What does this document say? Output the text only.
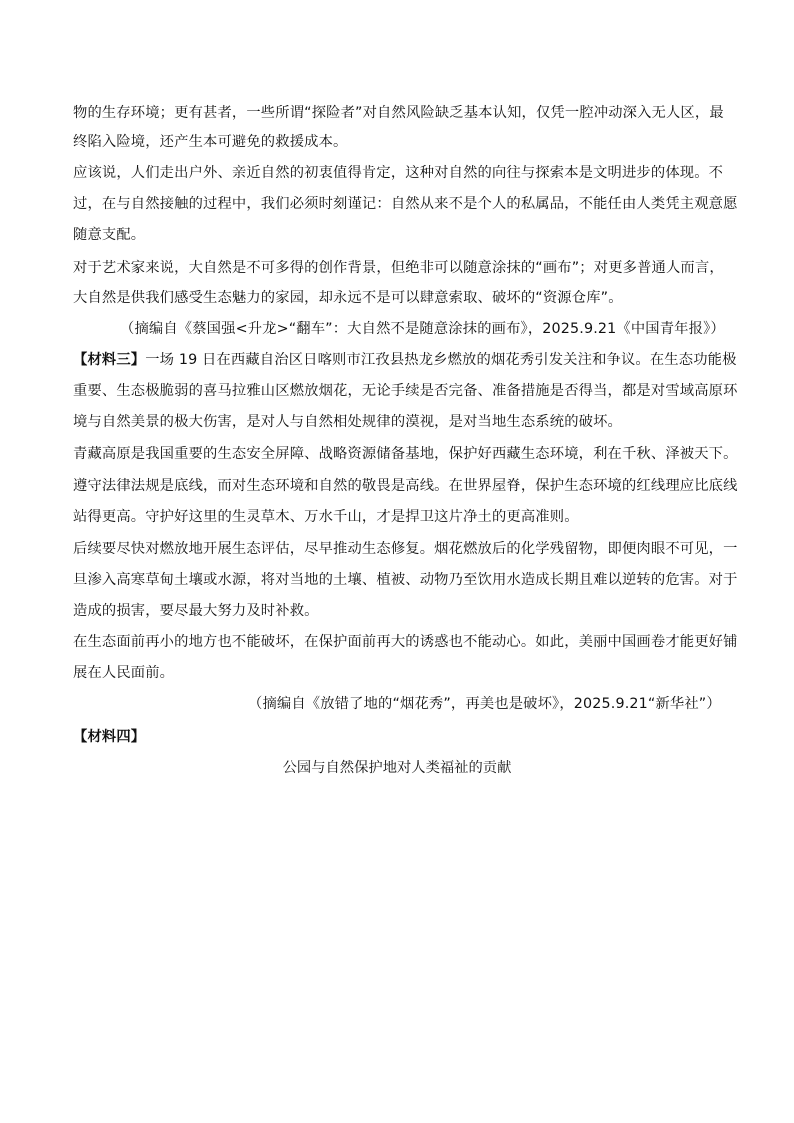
物的生存环境；更有甚者，一些所谓“探险者”对自然风险缺乏基本认知，仅凭一腔冲动深入无人区，最
终陷入险境，还产生本可避免的救援成本。
应该说，人们走出户外、亲近自然的初衷值得肯定，这种对自然的向往与探索本是文明进步的体现。不
过，在与自然接触的过程中，我们必须时刻谨记：自然从来不是个人的私属品，不能任由人类凭主观意愿
随意支配。
对于艺术家来说，大自然是不可多得的创作背景，但绝非可以随意涂抹的“画布”；对更多普通人而言，
大自然是供我们感受生态魅力的家园，却永远不是可以肆意索取、破坏的“资源仓库”。
（摘编自《蔡国强<升龙>“翻车”：大自然不是随意涂抹的画布》，2025.9.21《中国青年报》）
【材料三】一场 19 日在西藏自治区日喀则市江孜县热龙乡燃放的烟花秀引发关注和争议。在生态功能极
重要、生态极脆弱的喜马拉雅山区燃放烟花，无论手续是否完备、准备措施是否得当，都是对雪域高原环
境与自然美景的极大伤害，是对人与自然相处规律的漠视，是对当地生态系统的破坏。
青藏高原是我国重要的生态安全屏障、战略资源储备基地，保护好西藏生态环境，利在千秋、泽被天下。
遵守法律法规是底线，而对生态环境和自然的敬畏是高线。在世界屋脊，保护生态环境的红线理应比底线
站得更高。守护好这里的生灵草木、万水千山，才是捍卫这片净土的更高准则。
后续要尽快对燃放地开展生态评估，尽早推动生态修复。烟花燃放后的化学残留物，即便肉眼不可见，一
旦渗入高寒草甸土壤或水源，将对当地的土壤、植被、动物乃至饮用水造成长期且难以逆转的危害。对于
造成的损害，要尽最大努力及时补救。
在生态面前再小的地方也不能破坏，在保护面前再大的诱惑也不能动心。如此，美丽中国画卷才能更好铺
展在人民面前。
（摘编自《放错了地的“烟花秀”，再美也是破坏》，2025.9.21“新华社”）
【材料四】
公园与自然保护地对人类福祉的贡献
